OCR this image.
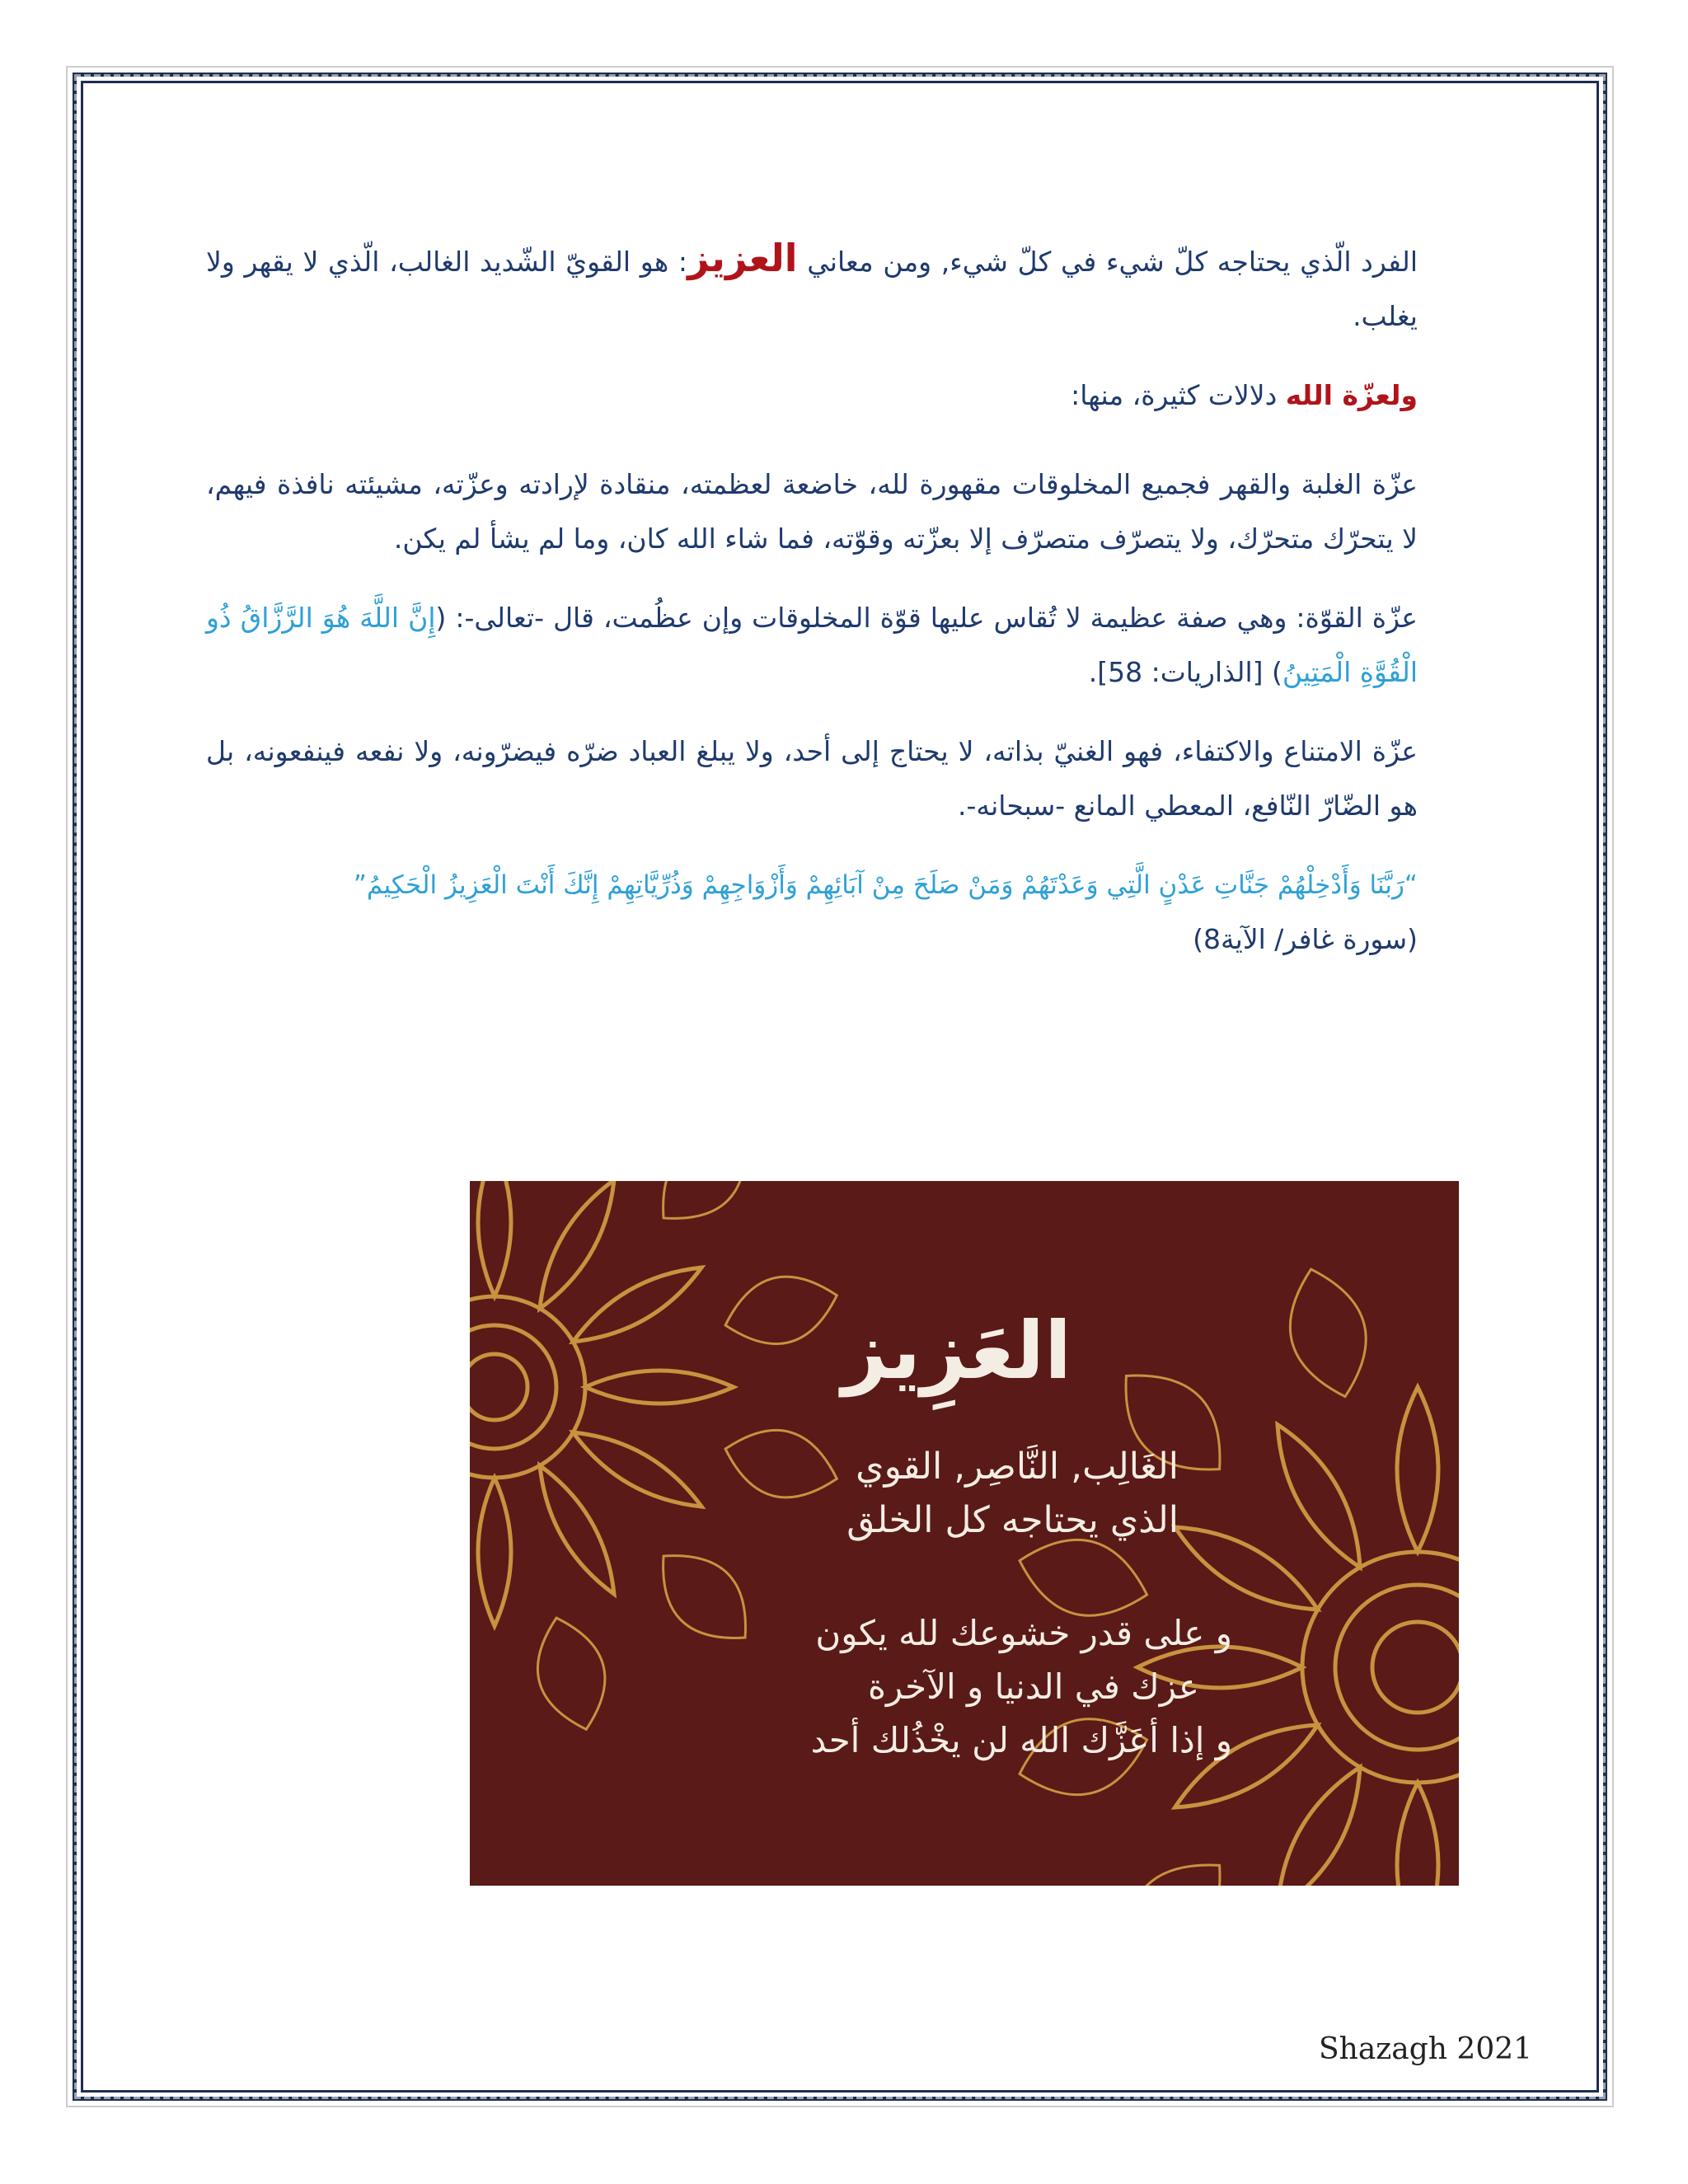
الفرد الّذي يحتاجه كلّ شيء في كلّ شيء, ومن معاني العزيز: هو القويّ الشّديد الغالب، الّذي لا يقهر ولا يغلب.

ولعزّة الله دلالات كثيرة، منها:

عزّة الغلبة والقهر فجميع المخلوقات مقهورة لله، خاضعة لعظمته، منقادة لإرادته وعزّته، مشيئته نافذة فيهم، لا يتحرّك متحرّك، ولا يتصرّف متصرّف إلا بعزّته وقوّته، فما شاء الله كان، وما لم يشأ لم يكن.

عزّة القوّة: وهي صفة عظيمة لا تُقاس عليها قوّة المخلوقات وإن عظُمت، قال -تعالى-: (إِنَّ اللَّهَ هُوَ الرَّزَّاقُ ذُو الْقُوَّةِ الْمَتِينُ) [الذاريات: 58].

عزّة الامتناع والاكتفاء، فهو الغنيّ بذاته، لا يحتاج إلى أحد، ولا يبلغ العباد ضرّه فيضرّونه، ولا نفعه فينفعونه، بل هو الضّارّ النّافع، المعطي المانع -سبحانه-.

“رَبَّنَا وَأَدْخِلْهُمْ جَنَّاتِ عَدْنٍ الَّتِي وَعَدْتَهُمْ وَمَنْ صَلَحَ مِنْ آبَائِهِمْ وَأَزْوَاجِهِمْ وَذُرِّيَّاتِهِمْ إِنَّكَ أَنْتَ الْعَزِيزُ الْحَكِيمُ”

(سورة غافر/ الآية8)

العَزِيز
الغَالِب, النَّاصِر, القوي
الذي يحتاجه كل الخلق
و على قدر خشوعك لله يكون
عزك في الدنيا و الآخرة
و إذا أعَزَّك الله لن يخْذُلك أحد
Shazagh 2021
